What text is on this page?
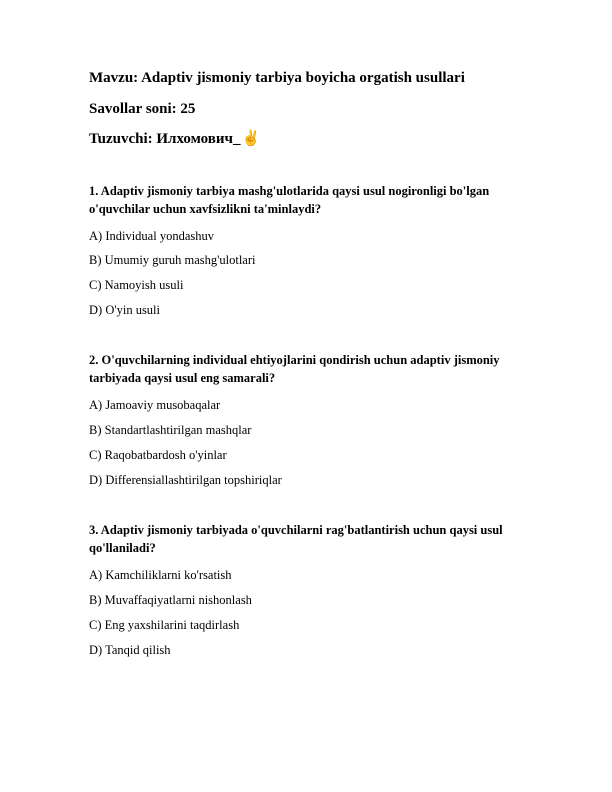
Mavzu: Adaptiv jismoniy tarbiya boyicha orgatish usullari
Savollar soni: 25
Tuzuvchi: Илхомович_✌
1. Adaptiv jismoniy tarbiya mashg'ulotlarida qaysi usul nogironligi bo'lgan o'quvchilar uchun xavfsizlikni ta'minlaydi?
A) Individual yondashuv
B) Umumiy guruh mashg'ulotlari
C) Namoyish usuli
D) O'yin usuli
2. O'quvchilarning individual ehtiyojlarini qondirish uchun adaptiv jismoniy tarbiyada qaysi usul eng samarali?
A) Jamoaviy musobaqalar
B) Standartlashtirilgan mashqlar
C) Raqobatbardosh o'yinlar
D) Differensiallashtirilgan topshiriqlar
3. Adaptiv jismoniy tarbiyada o'quvchilarni rag'batlantirish uchun qaysi usul qo'llaniladi?
A) Kamchiliklarni ko'rsatish
B) Muvaffaqiyatlarni nishonlash
C) Eng yaxshilarini taqdirlash
D) Tanqid qilish
